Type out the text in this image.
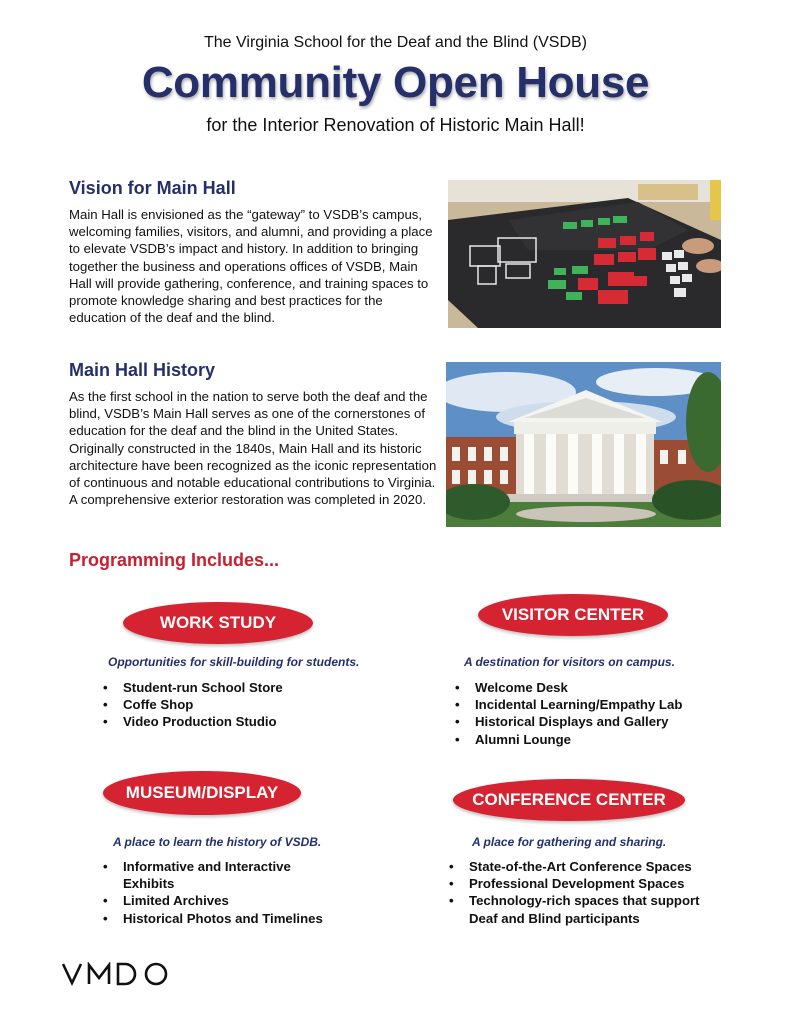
The Virginia School for the Deaf and the Blind (VSDB)
Community Open House
for the Interior Renovation of Historic Main Hall!
Vision for Main Hall
Main Hall is envisioned as the “gateway” to VSDB’s campus, welcoming families, visitors, and alumni, and providing a place to elevate VSDB’s impact and history. In addition to bringing together the business and operations offices of VSDB, Main Hall will provide gathering, conference, and training spaces to promote knowledge sharing and best practices for the education of the deaf and the blind.
Main Hall History
As the first school in the nation to serve both the deaf and the blind, VSDB’s Main Hall serves as one of the cornerstones of education for the deaf and the blind in the United States. Originally constructed in the 1840s, Main Hall and its historic architecture have been recognized as the iconic representation of continuous and notable educational contributions to Virginia. A comprehensive exterior restoration was completed in 2020.
Programming Includes...
WORK STUDY
Opportunities for skill-building for students.
• Student-run School Store
• Coffe Shop
• Video Production Studio
VISITOR CENTER
A destination for visitors on campus.
• Welcome Desk
• Incidental Learning/Empathy Lab
• Historical Displays and Gallery
• Alumni Lounge
MUSEUM/DISPLAY
A place to learn the history of VSDB.
• Informative and Interactive Exhibits
• Limited Archives
• Historical Photos and Timelines
CONFERENCE CENTER
A place for gathering and sharing.
• State-of-the-Art Conference Spaces
• Professional Development Spaces
• Technology-rich spaces that support Deaf and Blind participants
